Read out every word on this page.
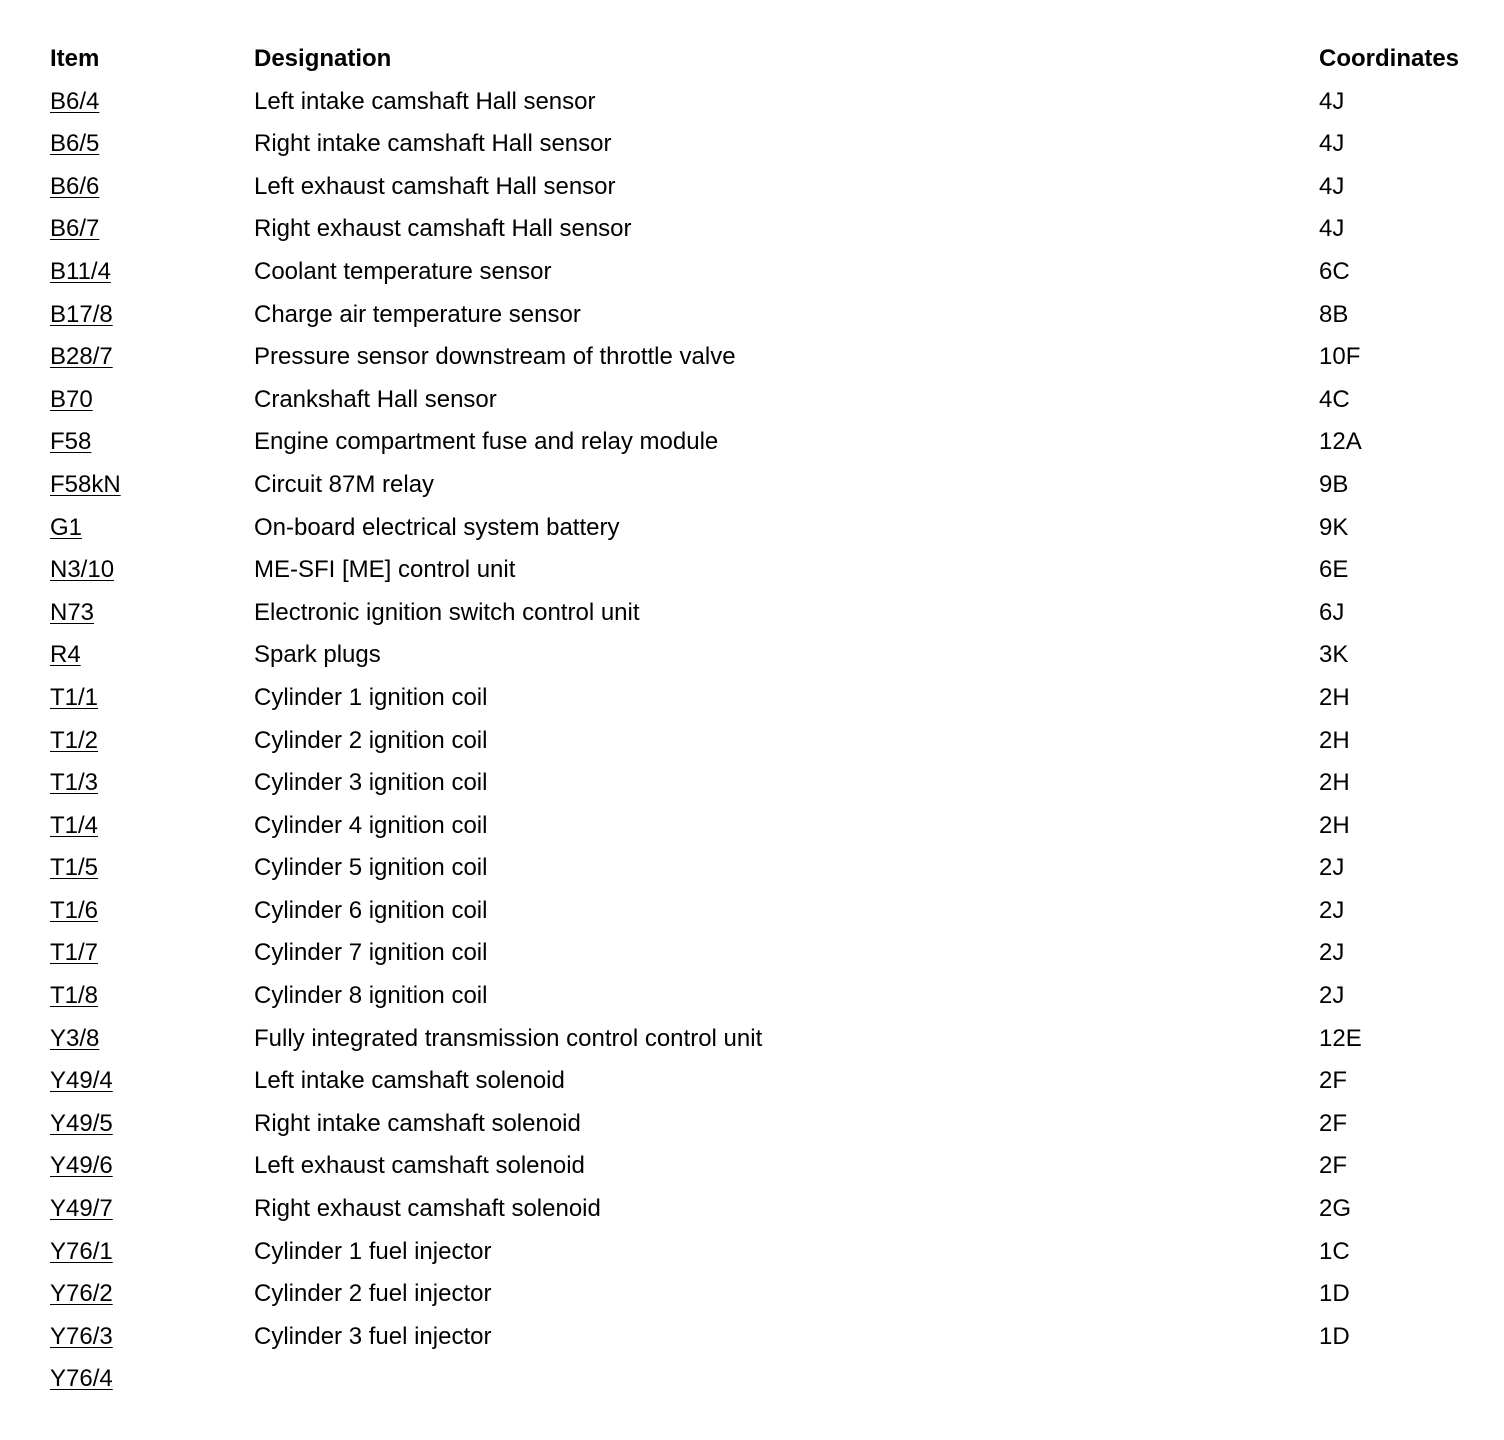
Item	Designation	Coordinates
B6/4	Left intake camshaft Hall sensor	4J
B6/5	Right intake camshaft Hall sensor	4J
B6/6	Left exhaust camshaft Hall sensor	4J
B6/7	Right exhaust camshaft Hall sensor	4J
B11/4	Coolant temperature sensor	6C
B17/8	Charge air temperature sensor	8B
B28/7	Pressure sensor downstream of throttle valve	10F
B70	Crankshaft Hall sensor	4C
F58	Engine compartment fuse and relay module	12A
F58kN	Circuit 87M relay	9B
G1	On-board electrical system battery	9K
N3/10	ME-SFI [ME] control unit	6E
N73	Electronic ignition switch control unit	6J
R4	Spark plugs	3K
T1/1	Cylinder 1 ignition coil	2H
T1/2	Cylinder 2 ignition coil	2H
T1/3	Cylinder 3 ignition coil	2H
T1/4	Cylinder 4 ignition coil	2H
T1/5	Cylinder 5 ignition coil	2J
T1/6	Cylinder 6 ignition coil	2J
T1/7	Cylinder 7 ignition coil	2J
T1/8	Cylinder 8 ignition coil	2J
Y3/8	Fully integrated transmission control control unit	12E
Y49/4	Left intake camshaft solenoid	2F
Y49/5	Right intake camshaft solenoid	2F
Y49/6	Left exhaust camshaft solenoid	2F
Y49/7	Right exhaust camshaft solenoid	2G
Y76/1	Cylinder 1 fuel injector	1C
Y76/2	Cylinder 2 fuel injector	1D
Y76/3	Cylinder 3 fuel injector	1D
Y76/4		
